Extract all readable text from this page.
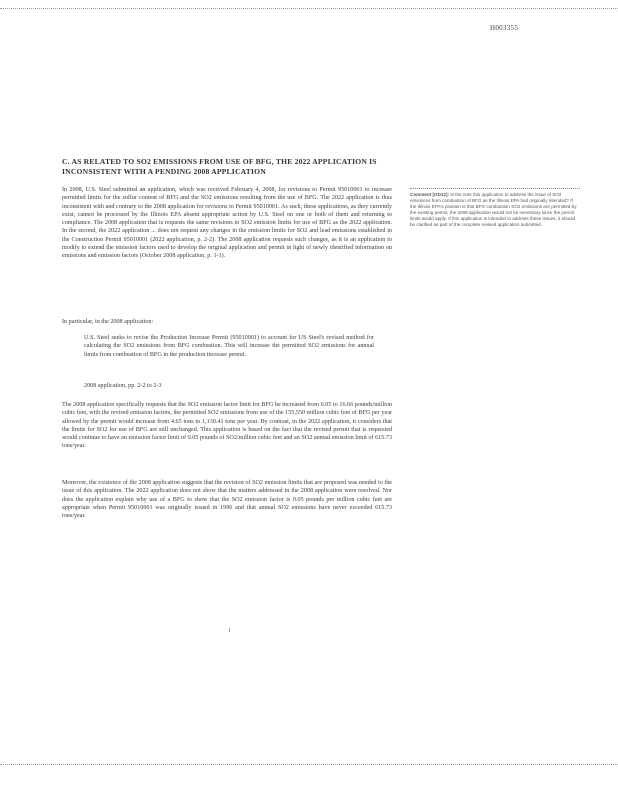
H003355
C. AS RELATED TO SO2 EMISSIONS FROM USE OF BFG, THE 2022 APPLICATION IS INCONSISTENT WITH A PENDING 2008 APPLICATION

In 2008, U.S. Steel submitted an application, which was received February 4, 2008, for revisions to Permit 95010001 to increase permitted limits for the sulfur content of BFG and the SO2 emissions resulting from the use of BFG. The 2022 application is thus inconsistent with and contrary to the 2008 application for revisions to Permit 95010001. As such, these applications, as they currently exist, cannot be processed by the Illinois EPA absent appropriate action by U.S. Steel on one or both of them and returning to compliance. The 2008 application that is requests the same revisions to SO2 emission limits for use of BFG as the 2022 application. In the second, the 2022 application ... does not request any changes in the emission limits for SO2 and lead emissions established in the Construction Permit 95010001 (2022 application, p. 2-2). The 2008 application requests such changes, as it is an application to modify to extend the emission factors used to develop the original application and permit in light of newly identified information on emissions and emission factors (October 2008 application, p. 1-1).

In particular, in the 2008 application:

U.S. Steel seeks to revise the Production Increase Permit (95010001) to account for US Steel's revised method for calculating the SO2 emissions from BFG combustion. This will increase the permitted SO2 emissions for annual limits from combustion of BFG in the production increase permit.

2008 application, pp. 2-2 to 2-3

The 2008 application specifically requests that the SO2 emission factor limit for BFG be increased from 0.05 to 16.66 pounds/million cubic feet, with the revised emission factors, the permitted SO2 emissions from use of the 155,550 million cubic feet of BFG per year allowed by the permit would increase from 4.65 tons to 1,130.41 tons per year. By contrast, in the 2022 application, it considers that the limits for SO2 for use of BFG are still unchanged. This application is based on the fact that the revised permit that is requested would continue to have an emission factor limit of 0.05 pounds of SO2/million cubic feet and an SO2 annual emission limit of 615.73 tons/year.

Moreover, the existence of the 2008 application suggests that the revision of SO2 emission limits that are proposed was needed to the issue of this application. The 2022 application does not show that the matters addressed in the 2008 application were resolved. Nor does the application explain why use of a BFG to show that the SO2 emission factor is 0.05 pounds per million cubic feet are appropriate when Permit 95010001 was originally issued in 1996 and that annual SO2 emissions have never exceeded 615.73 tons/year.

Comment [OD12]: Is the note this application to address the issue of SO2 emissions from combustion of BFG as the Illinois EPA had originally intended? If the Illinois EPA's position is that BFG combustion SO2 emissions are permitted by the existing permit, the 2008 application would not be necessary since the permit limits would apply. If this application is intended to address these issues, it should be clarified as part of the complete revised application submitted.
1
